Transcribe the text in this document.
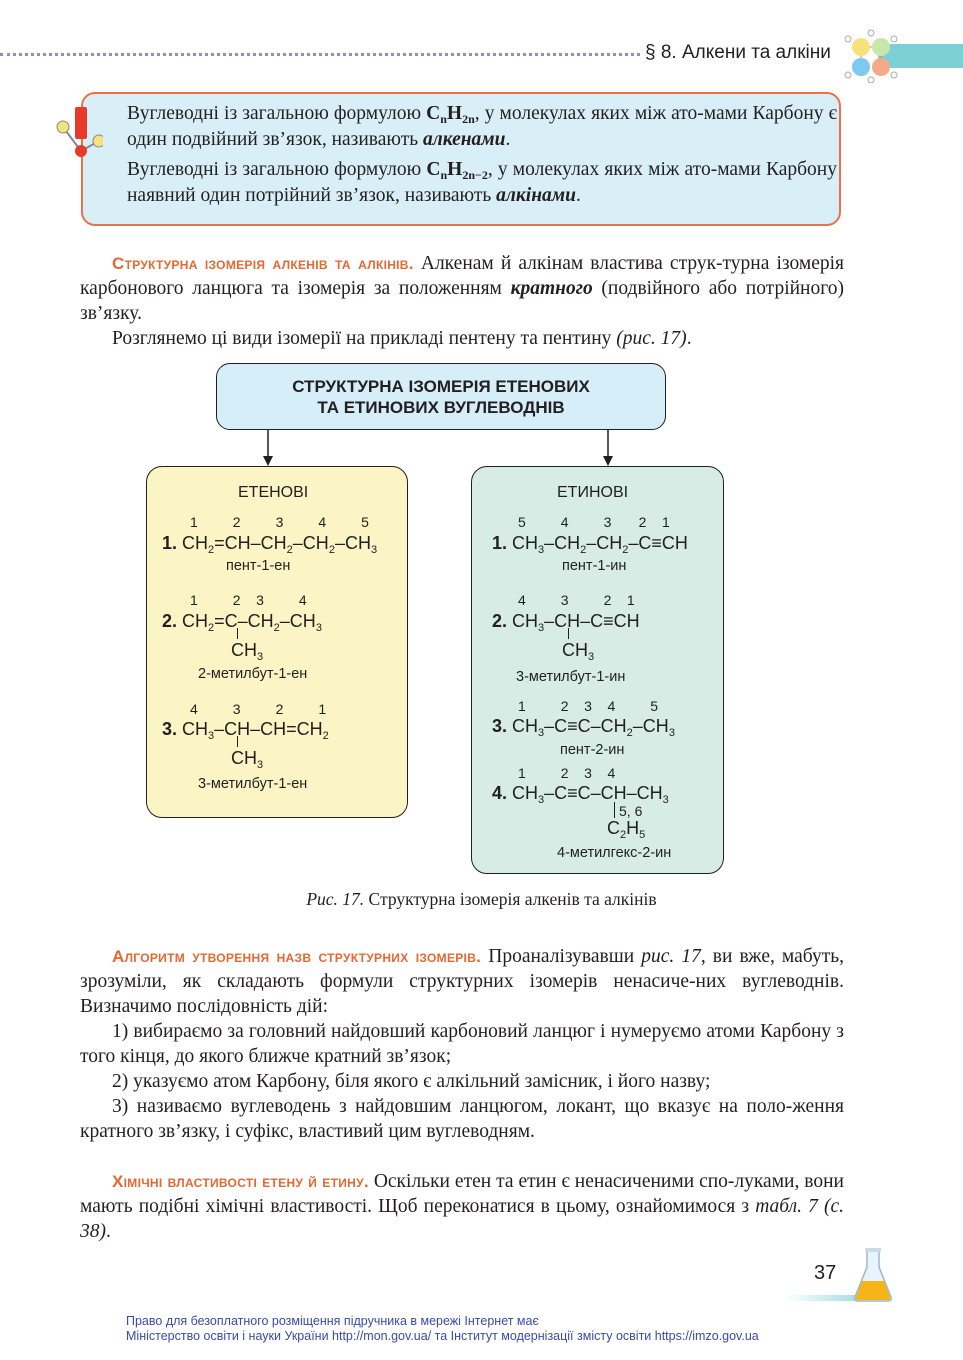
§ 8. Алкени та алкіни

Вуглеводні із загальною формулою $C_nH_{2n}$, у молекулах яких між ато-мами Карбону є один подвійний зв’язок, називають алкенами.

Вуглеводні із загальною формулою $C_nH_{2n-2}$, у молекулах яких між ато-мами Карбону наявний один потрійний зв’язок, називають алкінами.

Структурна ізомерія алкенів та алкінів. Алкенам й алкінам властива струк-турна ізомерія карбонового ланцюга та ізомерія за положенням кратного (подвійного або потрійного) зв’язку.

Розглянемо ці види ізомерії на прикладі пентену та пентину (рис. 17).

СТРУКТУРНА ІЗОМЕРІЯ ЕТЕНОВИХ
ТА ЕТИНОВИХ ВУГЛЕВОДНІВ
ЕТЕНОВІ	ЕТИНОВІ
1         2         3         4         5
1. $CH_2=CH-CH_2-CH_2-CH_3$
пент-1-ен
1         2    3         4
2. $CH_2=C-CH_2-CH_3$
$CH_3$
2-метилбут-1-ен
4         3         2         1
3. $CH_3-CH-CH=CH_2$
$CH_3$
3-метилбут-1-ен
5         4         3       2    1
1. $CH_3-CH_2-CH_2-C\equiv CH$
пент-1-ин
4         3         2    1
2. $CH_3-CH-C\equiv CH$
$CH_3$
3-метилбут-1-ин
1         2    3    4         5
3. $CH_3-C\equiv C-CH_2-CH_3$
пент-2-ин
1         2    3    4
4. $CH_3-C\equiv C-CH-CH_3$
5, 6
$C_2H_5$
4-метилгекс-2-ин
Рис. 17. Структурна ізомерія алкенів та алкінів

Алгоритм утворення назв структурних ізомерів. Проаналізувавши рис. 17, ви вже, мабуть, зрозуміли, як складають формули структурних ізомерів ненасиче-них вуглеводнів. Визначимо послідовність дій:

1) вибираємо за головний найдовший карбоновий ланцюг і нумеруємо атоми Карбону з того кінця, до якого ближче кратний зв’язок;

2) указуємо атом Карбону, біля якого є алкільний замісник, і його назву;

3) називаємо вуглеводень з найдовшим ланцюгом, локант, що вказує на поло-ження кратного зв’язку, і суфікс, властивий цим вуглеводням.

Хімічні властивості етену й етину. Оскільки етен та етин є ненасиченими спо-луками, вони мають подібні хімічні властивості. Щоб переконатися в цьому, ознайомимося з табл. 7 (с. 38).

37
Право для безоплатного розміщення підручника в мережі Інтернет має
Міністерство освіти і науки України http://mon.gov.ua/ та Інститут модернізації змісту освіти https://imzo.gov.ua
